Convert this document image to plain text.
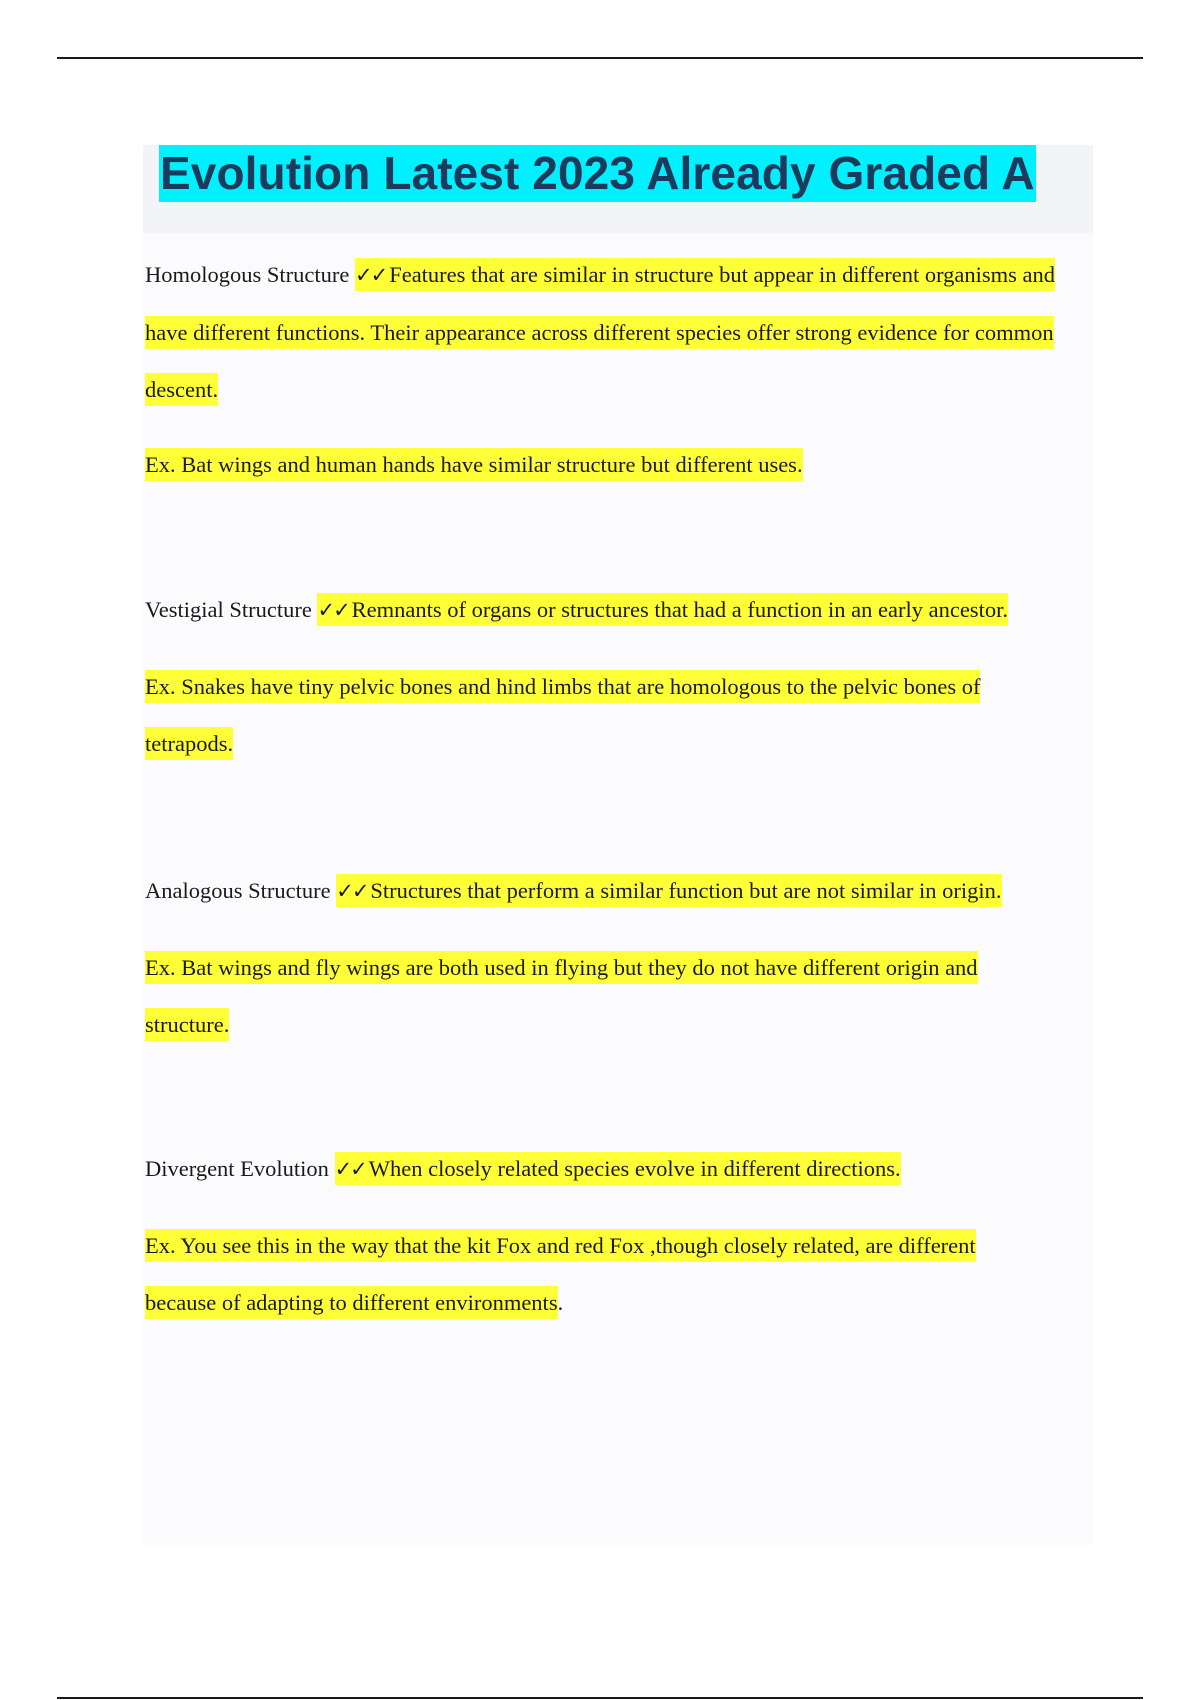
Evolution Latest 2023 Already Graded A

Homologous Structure ✓✓ Features that are similar in structure but appear in different organisms and have different functions. Their appearance across different species offer strong evidence for common descent.

Ex. Bat wings and human hands have similar structure but different uses.

Vestigial Structure ✓✓ Remnants of organs or structures that had a function in an early ancestor.

Ex. Snakes have tiny pelvic bones and hind limbs that are homologous to the pelvic bones of tetrapods.

Analogous Structure ✓✓ Structures that perform a similar function but are not similar in origin.

Ex. Bat wings and fly wings are both used in flying but they do not have different origin and structure.

Divergent Evolution ✓✓ When closely related species evolve in different directions.

Ex. You see this in the way that the kit Fox and red Fox ,though closely related, are different because of adapting to different environments.
